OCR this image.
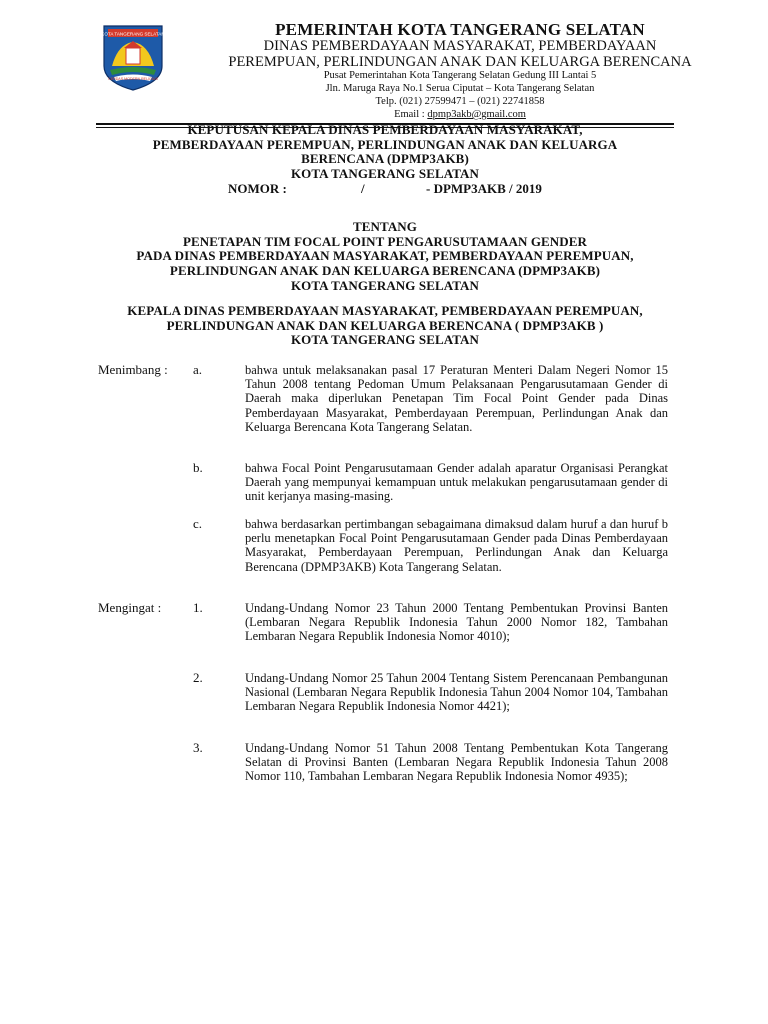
KOTA TANGERANG SELATAN
CERDAS MODERN RELIGIUS
PEMERINTAH KOTA TANGERANG SELATAN
DINAS PEMBERDAYAAN MASYARAKAT, PEMBERDAYAAN
PEREMPUAN, PERLINDUNGAN ANAK DAN KELUARGA BERENCANA
Pusat Pemerintahan Kota Tangerang Selatan Gedung III Lantai 5
Jln. Maruga Raya No.1 Serua Ciputat – Kota Tangerang Selatan
Telp. (021) 27599471 – (021) 22741858
Email : dpmp3akb@gmail.com
KEPUTUSAN KEPALA DINAS PEMBERDAYAAN MASYARAKAT,
PEMBERDAYAAN PEREMPUAN, PERLINDUNGAN ANAK DAN KELUARGA
BERENCANA (DPMP3AKB)
KOTA TANGERANG SELATAN
NOMOR :	/	- DPMP3AKB / 2019
TENTANG
PENETAPAN TIM FOCAL POINT PENGARUSUTAMAAN GENDER
PADA DINAS PEMBERDAYAAN MASYARAKAT, PEMBERDAYAAN PEREMPUAN,
PERLINDUNGAN ANAK DAN KELUARGA BERENCANA (DPMP3AKB)
KOTA TANGERANG SELATAN
KEPALA DINAS PEMBERDAYAAN MASYARAKAT, PEMBERDAYAAN PEREMPUAN,
PERLINDUNGAN ANAK DAN KELUARGA BERENCANA ( DPMP3AKB )
KOTA TANGERANG SELATAN
Menimbang : a.	bahwa untuk melaksanakan pasal 17 Peraturan Menteri Dalam Negeri Nomor 15 Tahun 2008 tentang Pedoman Umum Pelaksanaan Pengarusutamaan Gender di Daerah maka diperlukan Penetapan Tim Focal Point Gender pada Dinas Pemberdayaan Masyarakat, Pemberdayaan Perempuan, Perlindungan Anak dan Keluarga Berencana Kota Tangerang Selatan.
b.	bahwa Focal Point Pengarusutamaan Gender adalah aparatur Organisasi Perangkat Daerah yang mempunyai kemampuan untuk melakukan pengarusutamaan gender di unit kerjanya masing-masing.
c.	bahwa berdasarkan pertimbangan sebagaimana dimaksud dalam huruf a dan huruf b perlu menetapkan Focal Point Pengarusutamaan Gender pada Dinas Pemberdayaan Masyarakat, Pemberdayaan Perempuan, Perlindungan Anak dan Keluarga Berencana (DPMP3AKB) Kota Tangerang Selatan.
Mengingat : 1.	Undang-Undang Nomor 23 Tahun 2000 Tentang Pembentukan Provinsi Banten (Lembaran Negara Republik Indonesia Tahun 2000 Nomor 182, Tambahan Lembaran Negara Republik Indonesia Nomor 4010);
2.	Undang-Undang Nomor 25 Tahun 2004 Tentang Sistem Perencanaan Pembangunan Nasional (Lembaran Negara Republik Indonesia Tahun 2004 Nomor 104, Tambahan Lembaran Negara Republik Indonesia Nomor 4421);
3.	Undang-Undang Nomor 51 Tahun 2008 Tentang Pembentukan Kota Tangerang Selatan di Provinsi Banten (Lembaran Negara Republik Indonesia Tahun 2008 Nomor 110, Tambahan Lembaran Negara Republik Indonesia Nomor 4935);
